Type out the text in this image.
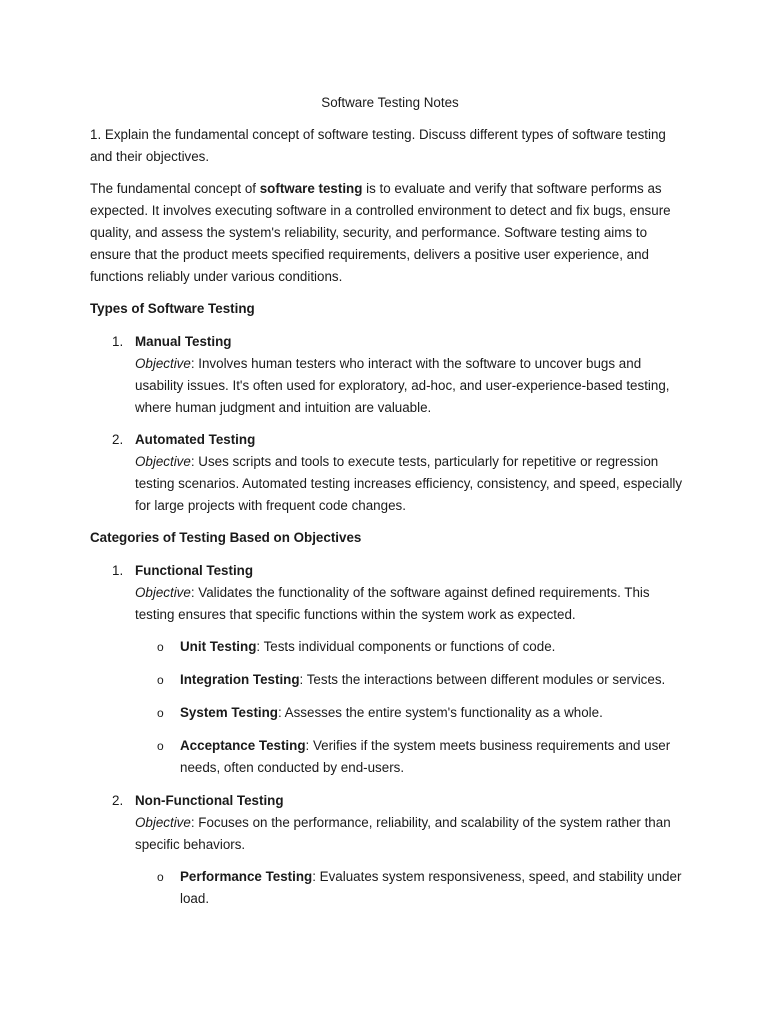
Software Testing Notes
1. Explain the fundamental concept of software testing. Discuss different types of software testing and their objectives.
The fundamental concept of software testing is to evaluate and verify that software performs as expected. It involves executing software in a controlled environment to detect and fix bugs, ensure quality, and assess the system's reliability, security, and performance. Software testing aims to ensure that the product meets specified requirements, delivers a positive user experience, and functions reliably under various conditions.
Types of Software Testing
1. Manual Testing
Objective: Involves human testers who interact with the software to uncover bugs and usability issues. It's often used for exploratory, ad-hoc, and user-experience-based testing, where human judgment and intuition are valuable.
2. Automated Testing
Objective: Uses scripts and tools to execute tests, particularly for repetitive or regression testing scenarios. Automated testing increases efficiency, consistency, and speed, especially for large projects with frequent code changes.
Categories of Testing Based on Objectives
1. Functional Testing
Objective: Validates the functionality of the software against defined requirements. This testing ensures that specific functions within the system work as expected.
o Unit Testing: Tests individual components or functions of code.
o Integration Testing: Tests the interactions between different modules or services.
o System Testing: Assesses the entire system's functionality as a whole.
o Acceptance Testing: Verifies if the system meets business requirements and user needs, often conducted by end-users.
2. Non-Functional Testing
Objective: Focuses on the performance, reliability, and scalability of the system rather than specific behaviors.
o Performance Testing: Evaluates system responsiveness, speed, and stability under load.
